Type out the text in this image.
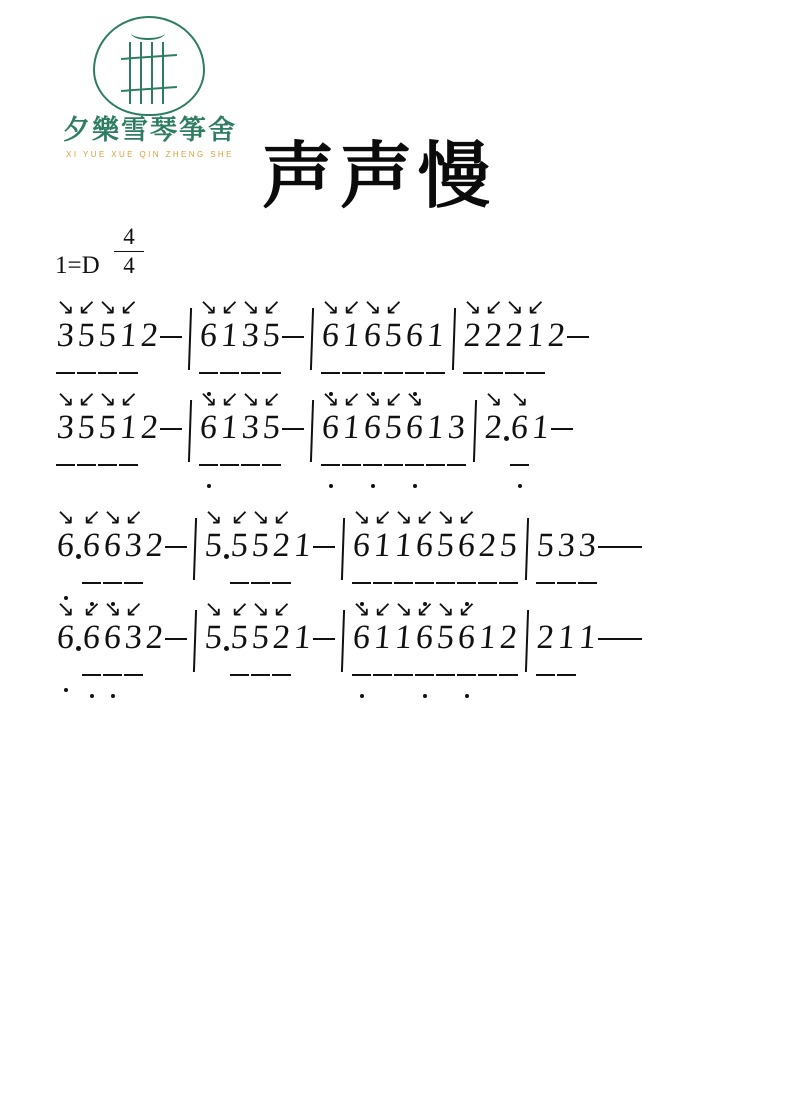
夕樂雪琴筝舍
XI YUE XUE QIN ZHENG SHE 声声慢
1=D
4
4
↘
3
↘
5
↘
5
↘
1
2
↘
6
↘
1
↘
3
↘
5
↘
6
↘
1
↘
6
↘
5
6
1
↘
2
↘
2
↘
2
↘
1
2
↘
3
↘
5
↘
5
↘
1
2
↘
6
↘
1
↘
3
↘
5
↘
6
↘
1
↘
6
↘
5
↘
6
1
3
↘
2
↘
6
1
↘
6
↘
6
↘
6
↘
3
2
↘
5
↘
5
↘
5
↘
2
1
↘
6
↘
1
↘
1
↘
6
↘
5
↘
6
2
5 5
3
3
↘
6
↘
6
↘
6
↘
3
2
↘
5
↘
5
↘
5
↘
2
1
↘
6
↘
1
↘
1
↘
6
↘
5
↘
6
1
2 2
1
1
